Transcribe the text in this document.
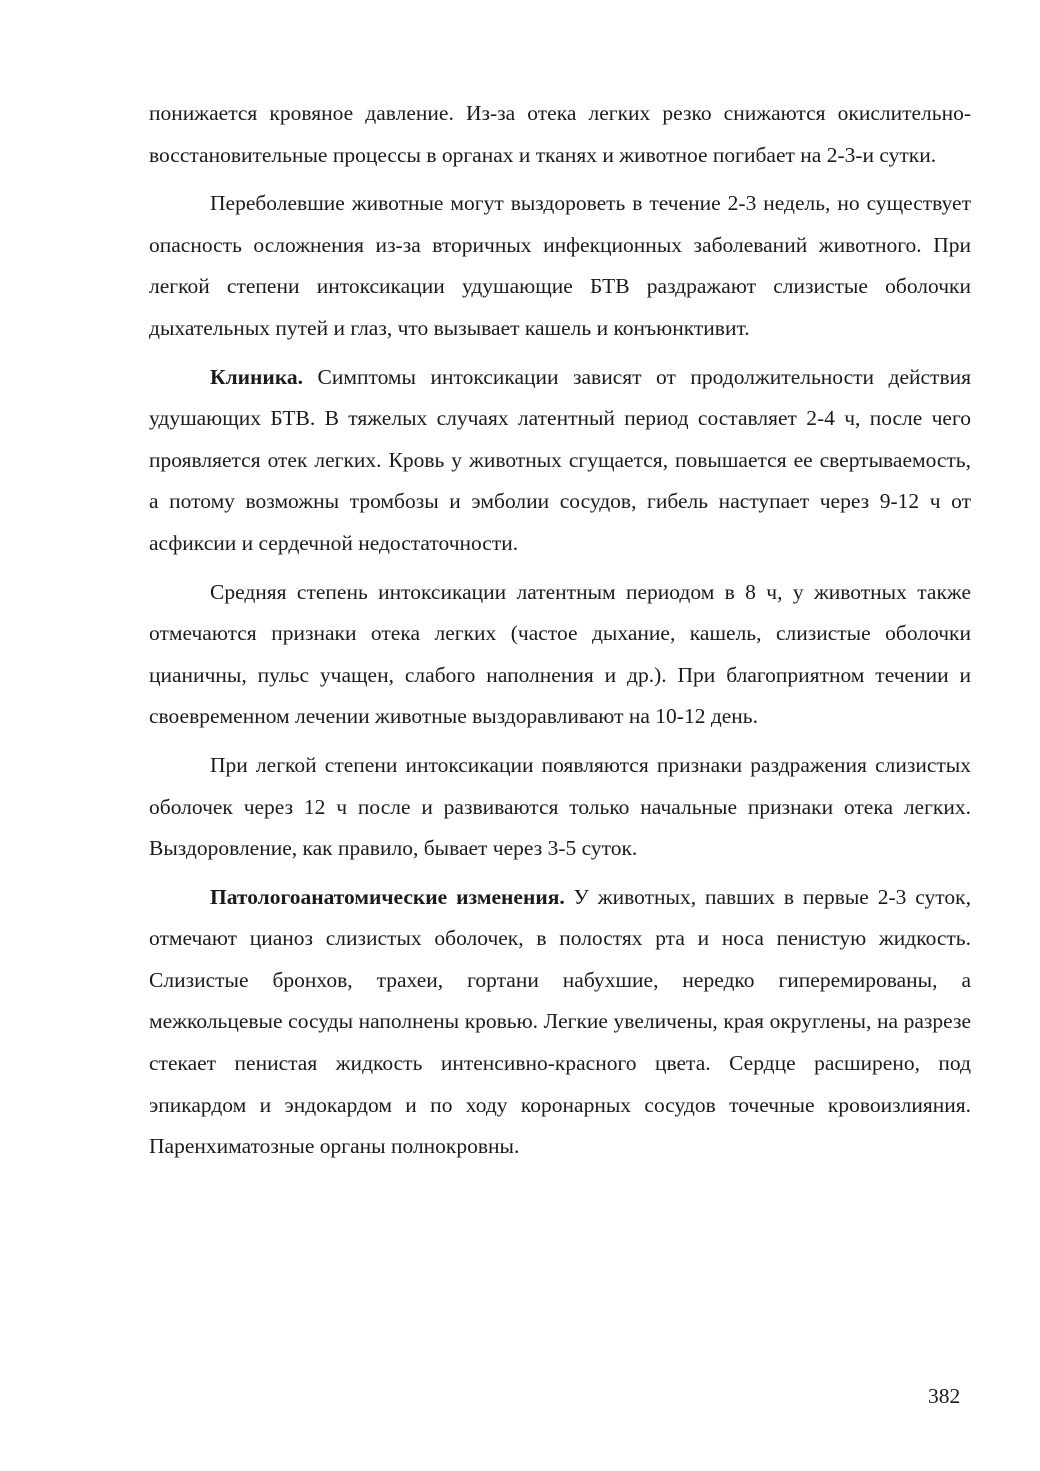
понижается кровяное давление. Из-за отека легких резко снижаются окислительно-восстановительные процессы в органах и тканях и животное погибает на 2-3-и сутки.

Переболевшие животные могут выздороветь в течение 2-3 недель, но существует опасность осложнения из-за вторичных инфекционных заболеваний животного. При легкой степени интоксикации удушающие БТВ раздражают слизистые оболочки дыхательных путей и глаз, что вызывает кашель и конъюнктивит.

Клиника. Симптомы интоксикации зависят от продолжительности действия удушающих БТВ. В тяжелых случаях латентный период составляет 2-4 ч, после чего проявляется отек легких. Кровь у животных сгущается, повышается ее свертываемость, а потому возможны тромбозы и эмболии сосудов, гибель наступает через 9-12 ч от асфиксии и сердечной недостаточности.

Средняя степень интоксикации латентным периодом в 8 ч, у животных также отмечаются признаки отека легких (частое дыхание, кашель, слизистые оболочки цианичны, пульс учащен, слабого наполнения и др.). При благоприятном течении и своевременном лечении животные выздоравливают на 10-12 день.

При легкой степени интоксикации появляются признаки раздражения слизистых оболочек через 12 ч после и развиваются только начальные признаки отека легких. Выздоровление, как правило, бывает через 3-5 суток.

Патологоанатомические изменения. У животных, павших в первые 2-3 суток, отмечают цианоз слизистых оболочек, в полостях рта и носа пенистую жидкость. Слизистые бронхов, трахеи, гортани набухшие, нередко гиперемированы, а межкольцевые сосуды наполнены кровью. Легкие увеличены, края округлены, на разрезе стекает пенистая жидкость интенсивно-красного цвета. Сердце расширено, под эпикардом и эндокардом и по ходу коронарных сосудов точечные кровоизлияния. Паренхиматозные органы полнокровны.

382
